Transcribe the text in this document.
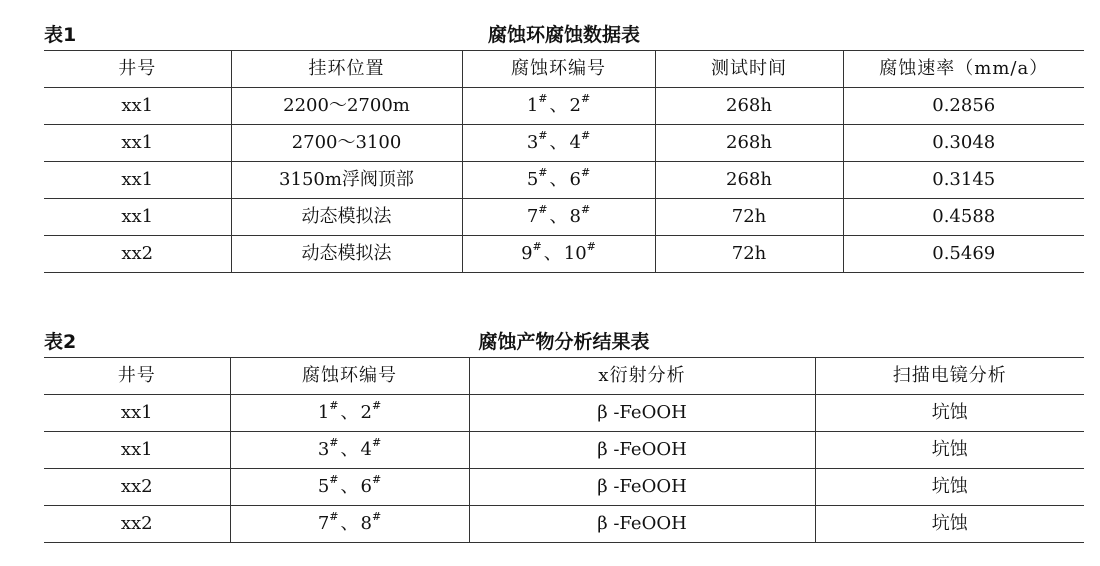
表1	腐蚀环腐蚀数据表
井号	挂环位置	腐蚀环编号	测试时间	腐蚀速率（mm/a）
xx1	2200～2700m	1# 、 2#	268h	0.2856
xx1	2700～3100	3# 、 4#	268h	0.3048
xx1	3150m浮阀顶部	5# 、 6#	268h	0.3145
xx1	动态模拟法	7# 、 8#	72h	0.4588
xx2	动态模拟法	9# 、 10#	72h	0.5469
表2	腐蚀产物分析结果表
井号	腐蚀环编号	x衍射分析	扫描电镜分析
xx1	1# 、 2#	β -FeOOH	坑蚀
xx1	3# 、 4#	β -FeOOH	坑蚀
xx2	5# 、 6#	β -FeOOH	坑蚀
xx2	7# 、 8#	β -FeOOH	坑蚀
